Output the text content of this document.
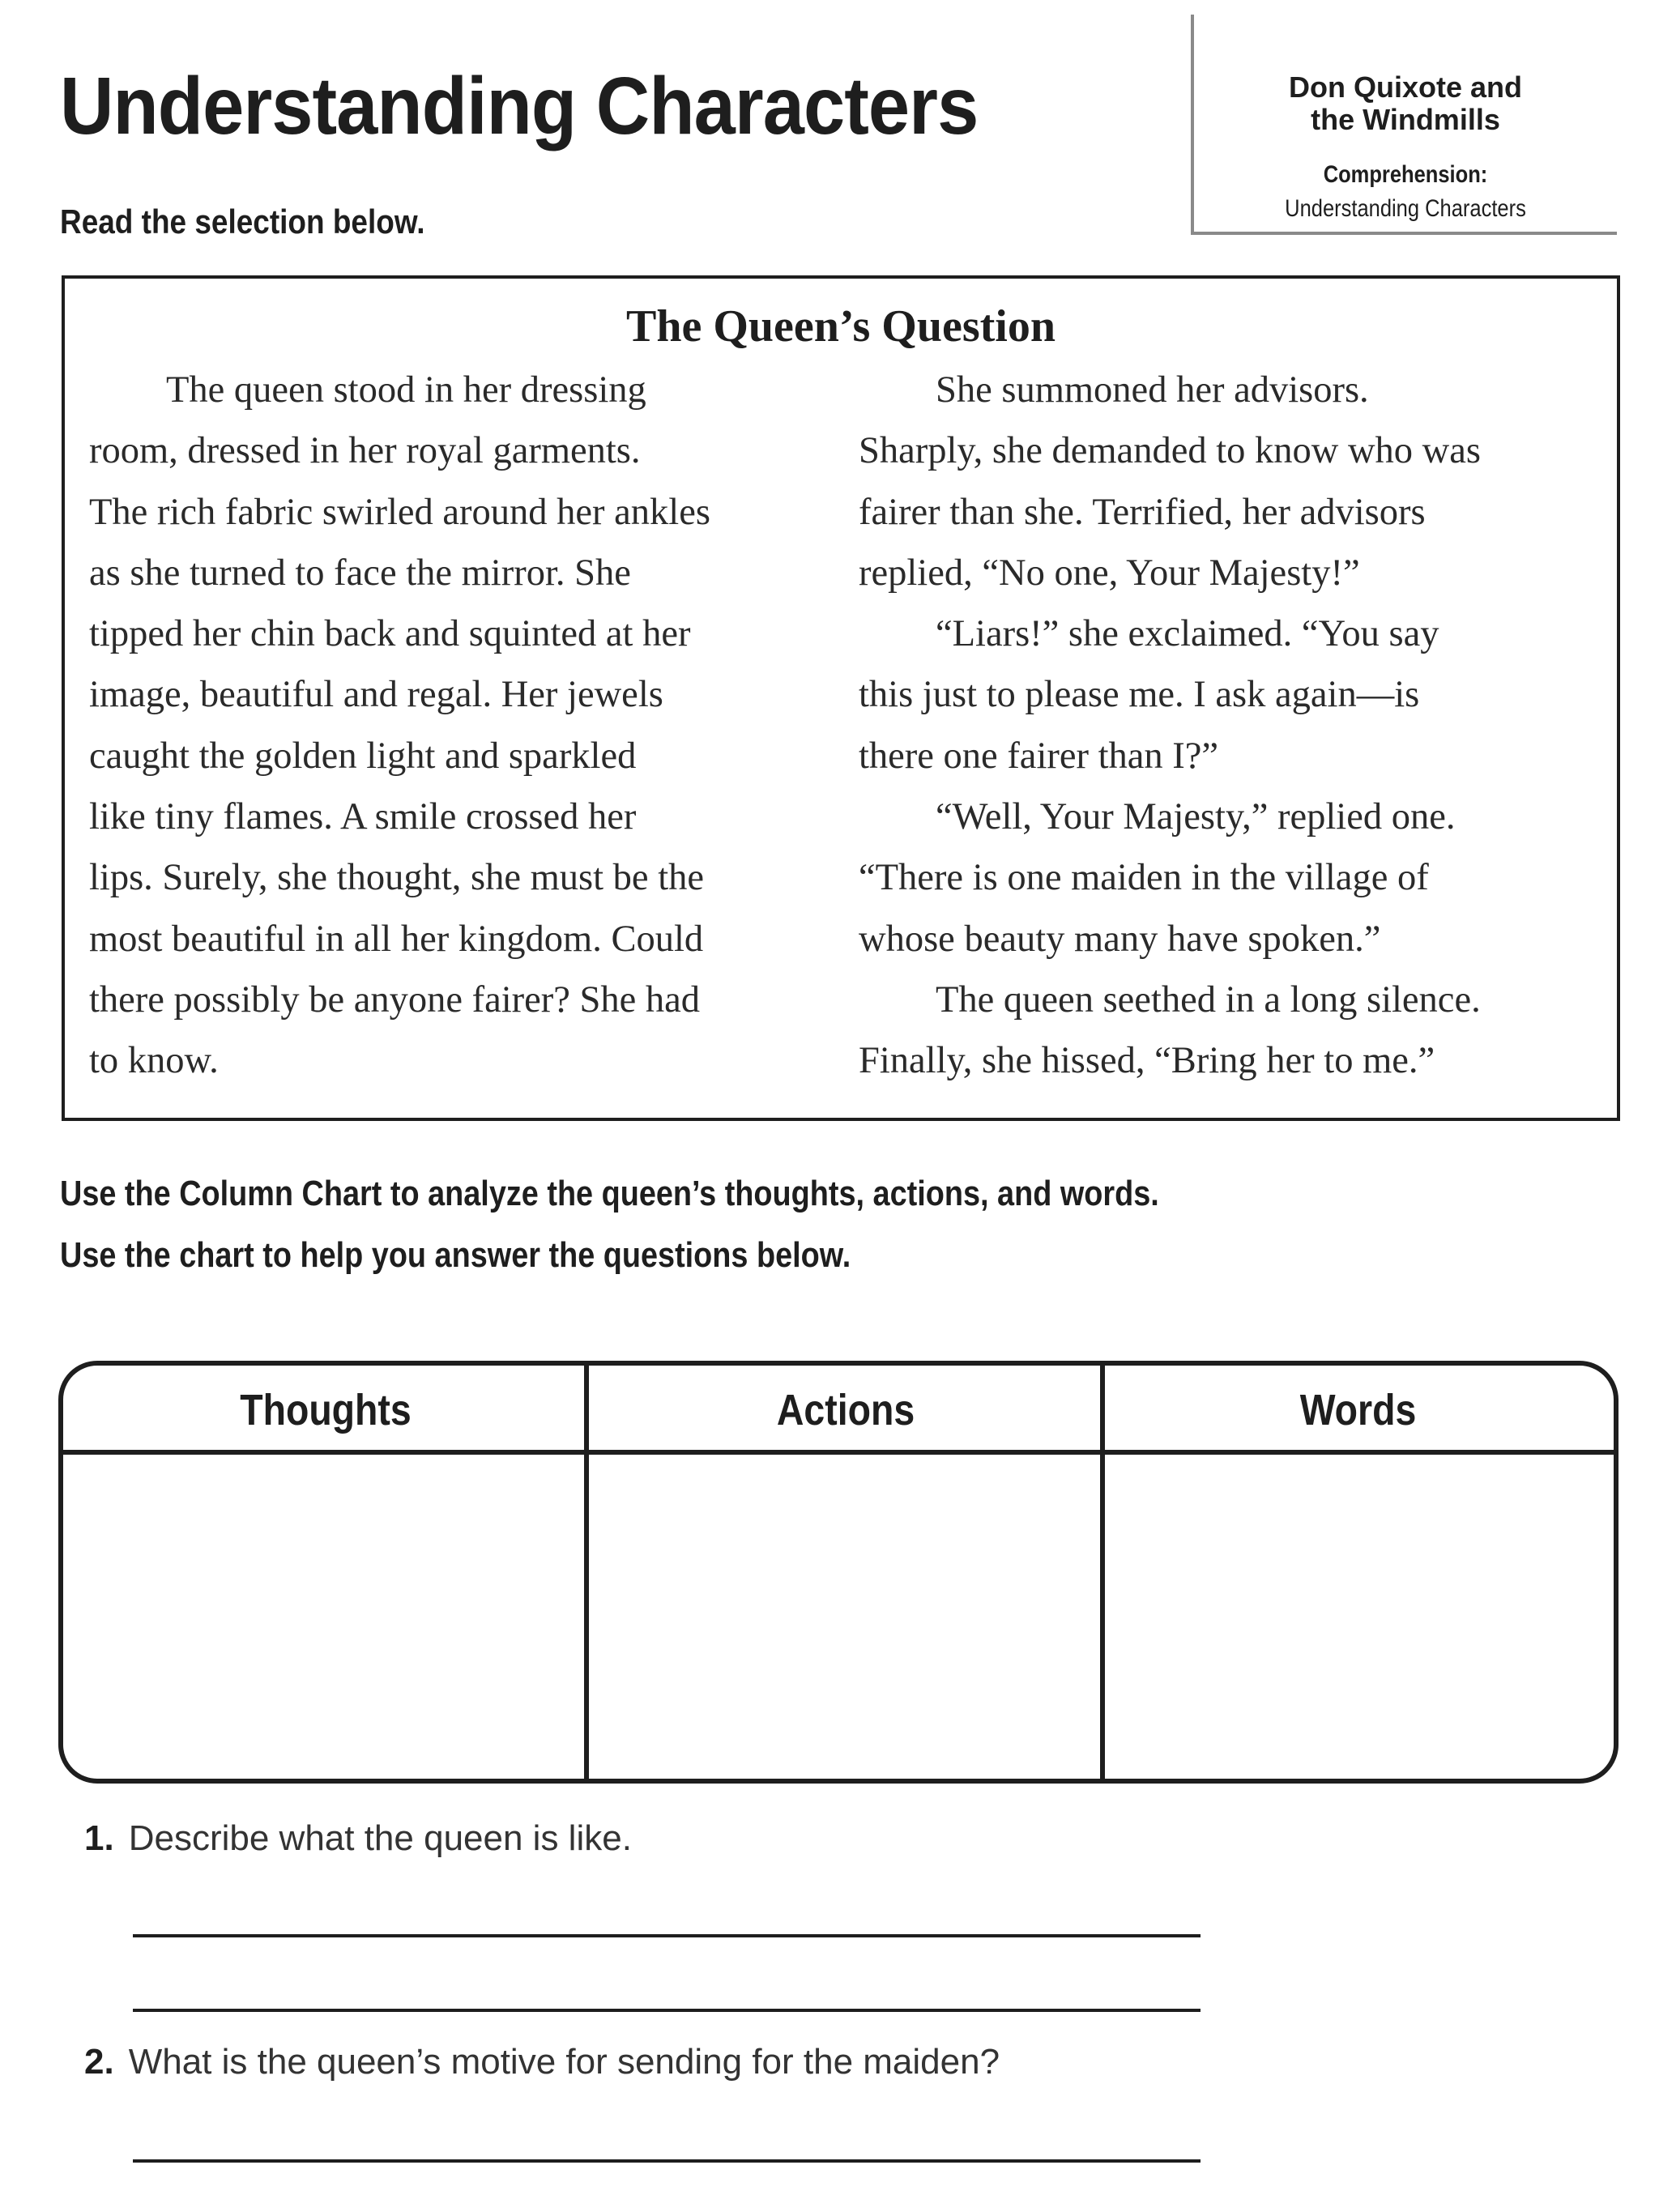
Understanding Characters
Read the selection below.
Don Quixote and
the Windmills
Comprehension:
Understanding Characters
The Queen’s Question
The queen stood in her dressing
room, dressed in her royal garments.
The rich fabric swirled around her ankles
as she turned to face the mirror. She
tipped her chin back and squinted at her
image, beautiful and regal. Her jewels
caught the golden light and sparkled
like tiny flames. A smile crossed her
lips. Surely, she thought, she must be the
most beautiful in all her kingdom. Could
there possibly be anyone fairer? She had
to know.
She summoned her advisors.
Sharply, she demanded to know who was
fairer than she. Terrified, her advisors
replied, “No one, Your Majesty!”
“Liars!” she exclaimed. “You say
this just to please me. I ask again—is
there one fairer than I?”
“Well, Your Majesty,” replied one.
“There is one maiden in the village of
whose beauty many have spoken.”
The queen seethed in a long silence.
Finally, she hissed, “Bring her to me.”
Use the Column Chart to analyze the queen’s thoughts, actions, and words.
Use the chart to help you answer the questions below.
Thoughts	Actions	Words
1. Describe what the queen is like.
2. What is the queen’s motive for sending for the maiden?
